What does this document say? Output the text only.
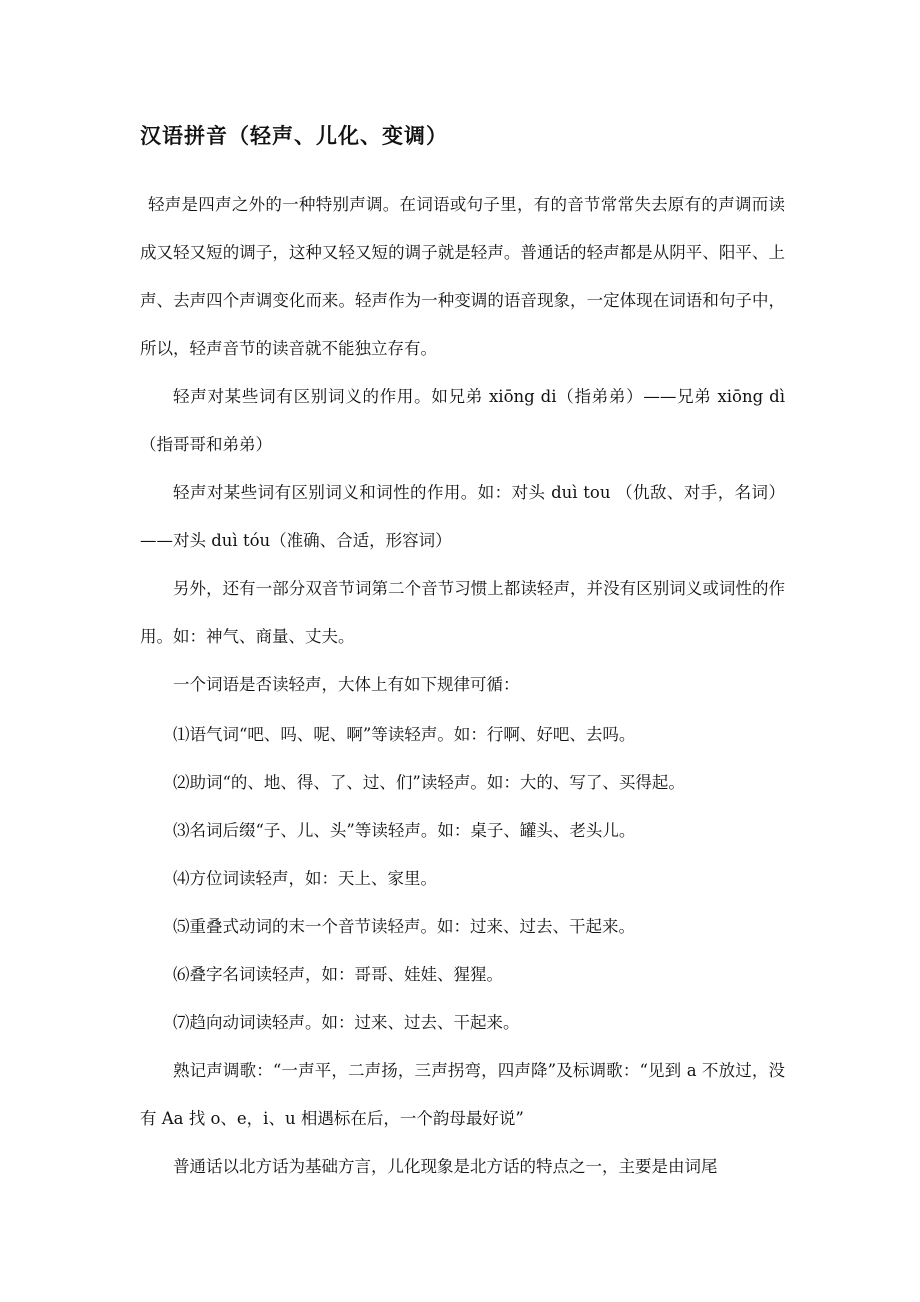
汉语拼音（轻声、儿化、变调）

轻声是四声之外的一种特别声调。在词语或句子里，有的音节常常失去原有的声调而读成又轻又短的调子，这种又轻又短的调子就是轻声。普通话的轻声都是从阴平、阳平、上声、去声四个声调变化而来。轻声作为一种变调的语音现象，一定体现在词语和句子中，所以，轻声音节的读音就不能独立存有。

轻声对某些词有区别词义的作用。如兄弟 xiōng di（指弟弟）——兄弟 xiōng dì（指哥哥和弟弟）

轻声对某些词有区别词义和词性的作用。如：对头 duì tou （仇敌、对手，名词）——对头 duì tóu（准确、合适，形容词）

另外，还有一部分双音节词第二个音节习惯上都读轻声，并没有区别词义或词性的作用。如：神气、商量、丈夫。

一个词语是否读轻声，大体上有如下规律可循：

⑴语气词“吧、吗、呢、啊”等读轻声。如：行啊、好吧、去吗。

⑵助词“的、地、得、了、过、们”读轻声。如：大的、写了、买得起。

⑶名词后缀“子、儿、头”等读轻声。如：桌子、罐头、老头儿。

⑷方位词读轻声，如：天上、家里。

⑸重叠式动词的末一个音节读轻声。如：过来、过去、干起来。

⑹叠字名词读轻声，如：哥哥、娃娃、猩猩。

⑺趋向动词读轻声。如：过来、过去、干起来。

熟记声调歌：“一声平，二声扬，三声拐弯，四声降”及标调歌：“见到 a 不放过，没有 Aa 找 o、e，i、u 相遇标在后，一个韵母最好说”

普通话以北方话为基础方言，儿化现象是北方话的特点之一，主要是由词尾
